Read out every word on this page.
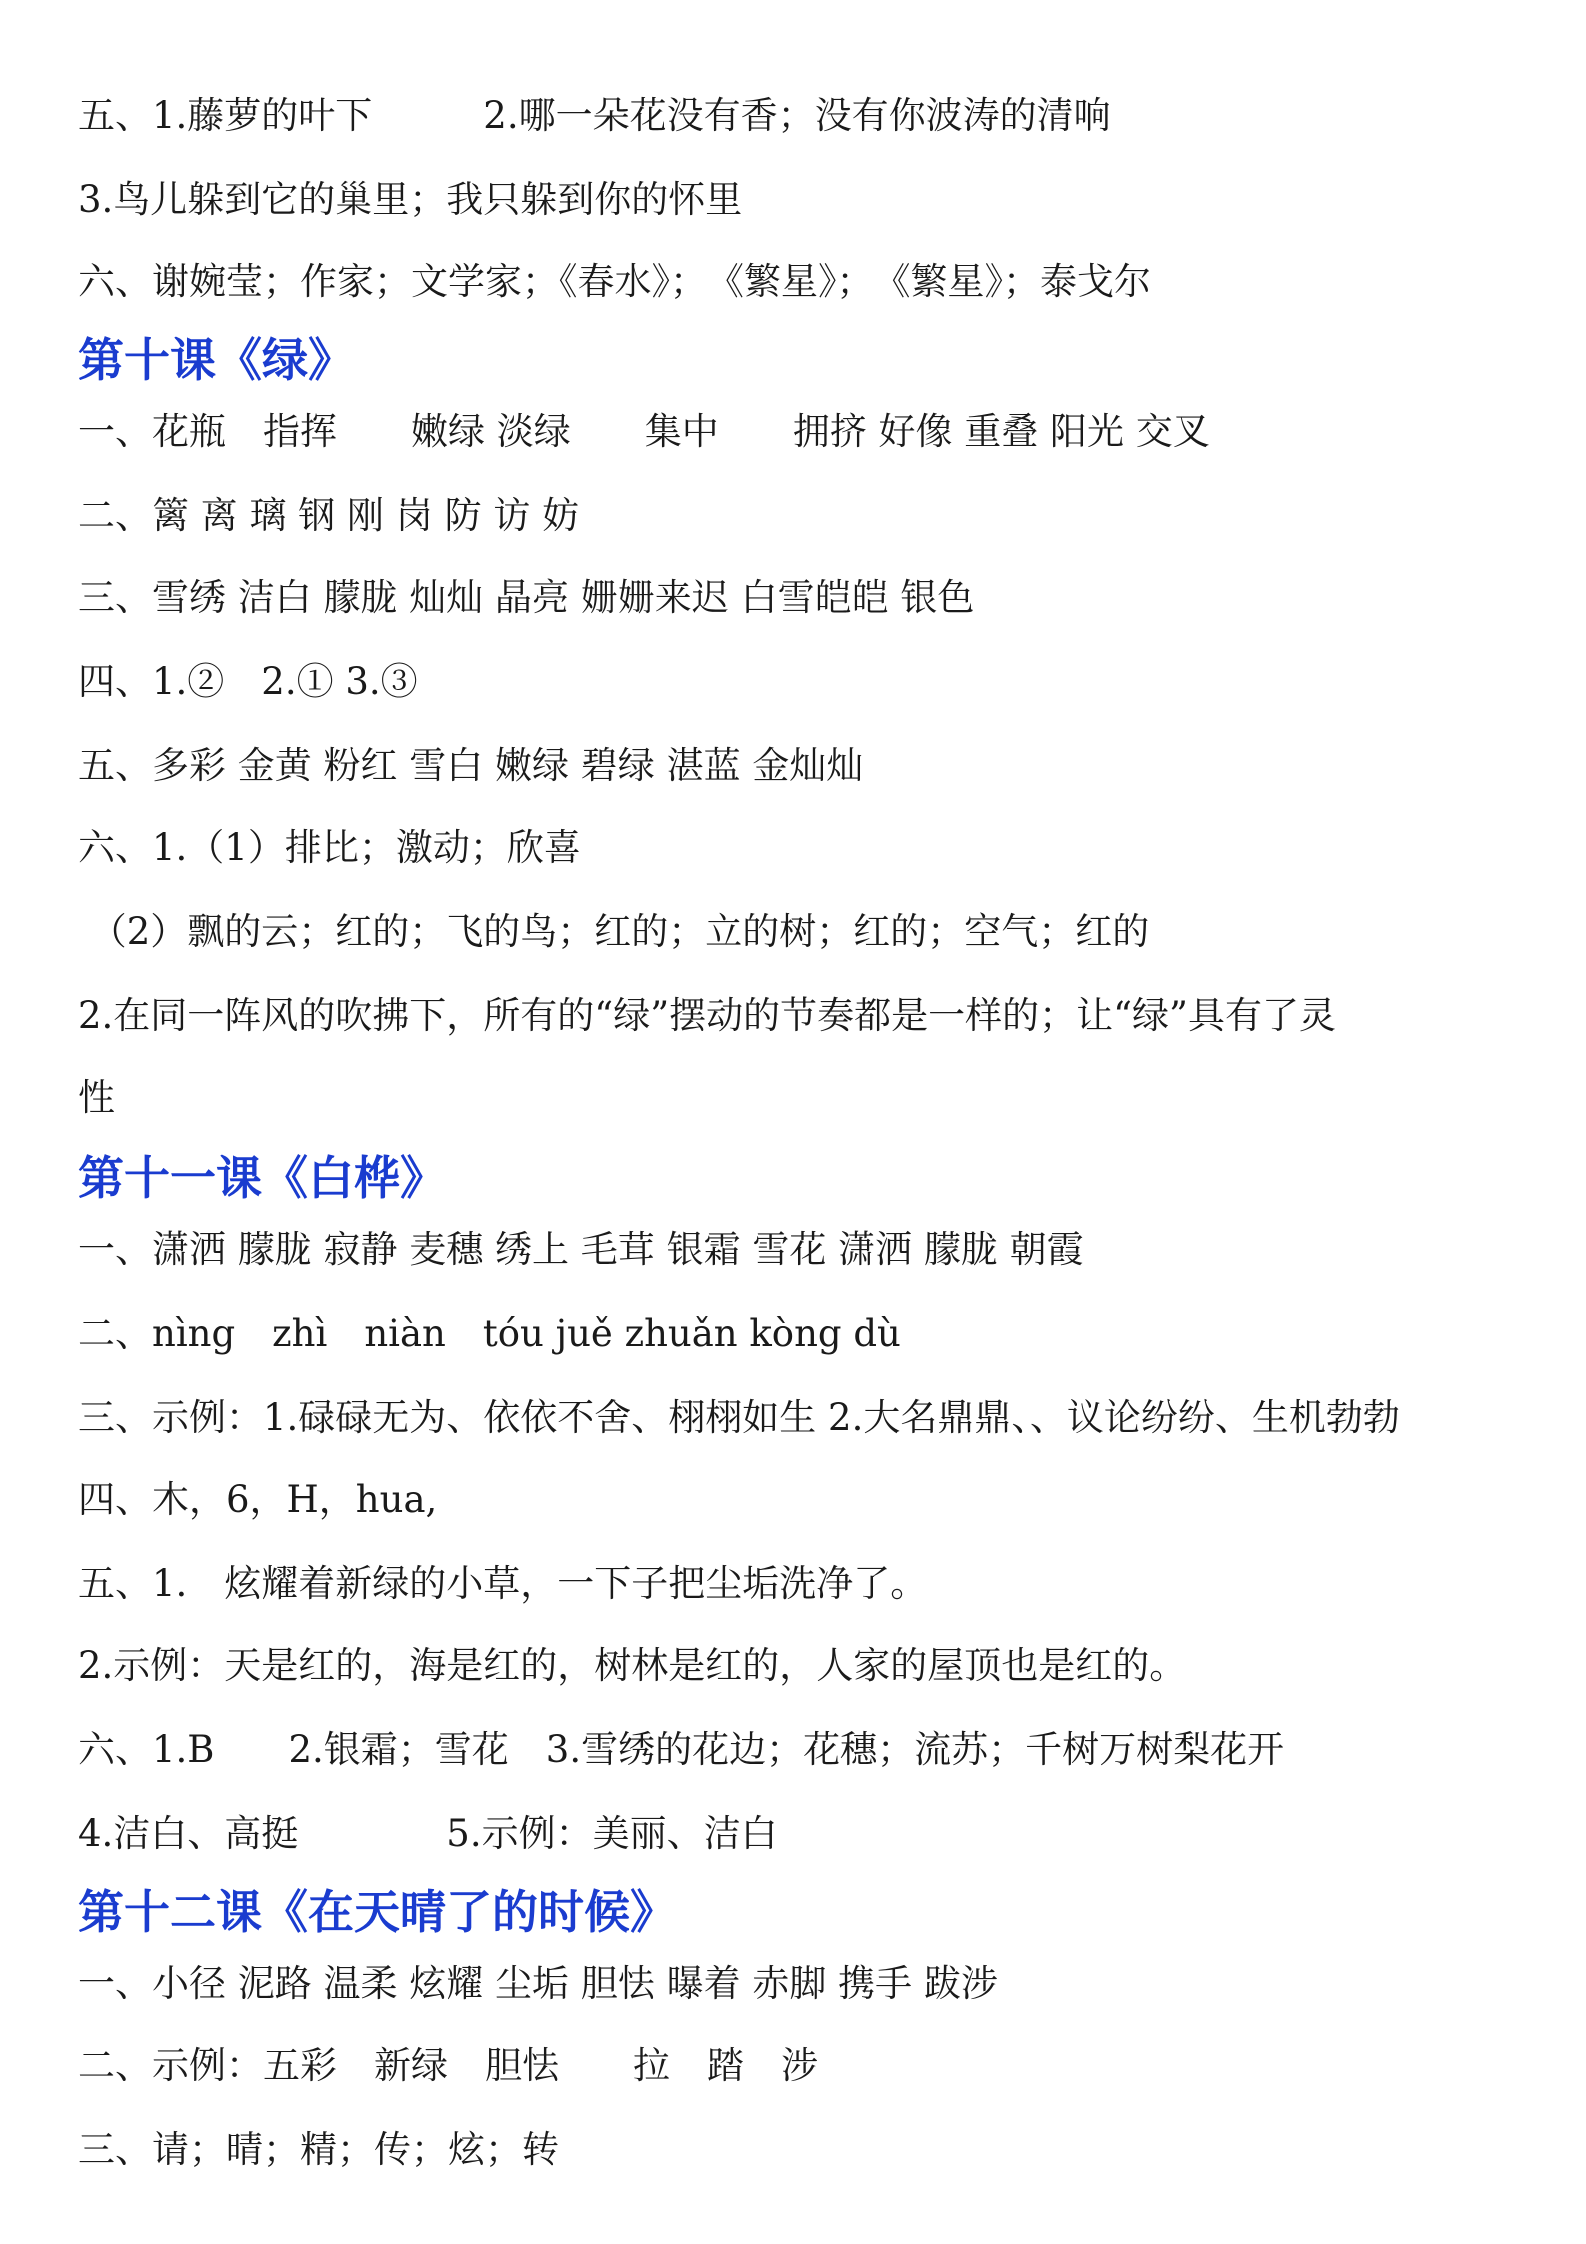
五、1.藤萝的叶下　　　2.哪一朵花没有香；没有你波涛的清响
3.鸟儿躲到它的巢里；我只躲到你的怀里
六、谢婉莹；作家；文学家；《春水》；　《繁星》；　《繁星》；泰戈尔
第十课《绿》
一、花瓶　指挥　　嫩绿 淡绿　　集中　　拥挤 好像 重叠 阳光 交叉
二、篱 离 璃 钢 刚 岗 防 访 妨
三、雪绣 洁白 朦胧 灿灿 晶亮 姗姗来迟 白雪皑皑 银色
四、1.②　2.① 3.③
五、多彩 金黄 粉红 雪白 嫩绿 碧绿 湛蓝 金灿灿
六、1.（1）排比；激动；欣喜
（2）飘的云；红的；飞的鸟；红的；立的树；红的；空气；红的
2.在同一阵风的吹拂下，所有的“绿”摆动的节奏都是一样的；让“绿”具有了灵
性
第十一课《白桦》
一、潇洒 朦胧 寂静 麦穗 绣上 毛茸 银霜 雪花 潇洒 朦胧 朝霞
二、nìng　zhì　niàn　tóu juě zhuǎn kòng dù
三、示例：1.碌碌无为、依依不舍、栩栩如生 2.大名鼎鼎、、议论纷纷、生机勃勃
四、木，6，H，hua,
五、1.　炫耀着新绿的小草，一下子把尘垢洗净了。
2.示例：天是红的，海是红的，树林是红的，人家的屋顶也是红的。
六、1.B　　2.银霜；雪花　3.雪绣的花边；花穗；流苏；千树万树梨花开
4.洁白、高挺　　　　5.示例：美丽、洁白
第十二课《在天晴了的时候》
一、小径 泥路 温柔 炫耀 尘垢 胆怯 曝着 赤脚 携手 跋涉
二、示例：五彩　新绿　胆怯　　拉　踏　涉
三、请；晴；精；传；炫；转
